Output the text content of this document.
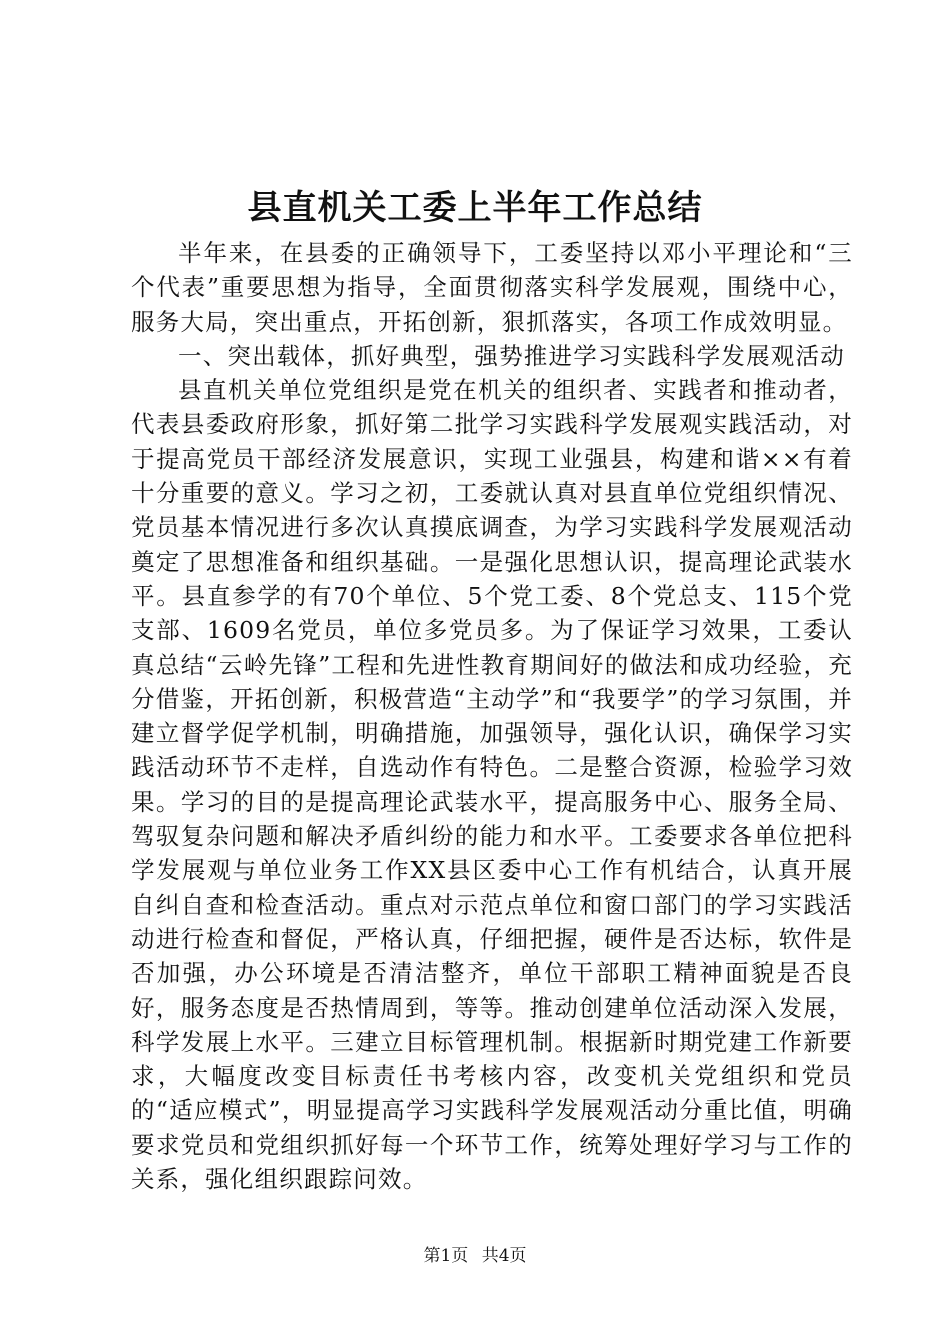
县直机关工委上半年工作总结

半年来，在县委的正确领导下，工委坚持以邓小平理论和“三个代表”重要思想为指导，全面贯彻落实科学发展观，围绕中心，服务大局，突出重点，开拓创新，狠抓落实，各项工作成效明显。

一、突出载体，抓好典型，强势推进学习实践科学发展观活动

县直机关单位党组织是党在机关的组织者、实践者和推动者，代表县委政府形象，抓好第二批学习实践科学发展观实践活动，对于提高党员干部经济发展意识，实现工业强县，构建和谐××有着十分重要的意义。学习之初，工委就认真对县直单位党组织情况、党员基本情况进行多次认真摸底调查，为学习实践科学发展观活动奠定了思想准备和组织基础。一是强化思想认识，提高理论武装水平。县直参学的有70个单位、5个党工委、8个党总支、115个党支部、1609名党员，单位多党员多。为了保证学习效果，工委认真总结“云岭先锋”工程和先进性教育期间好的做法和成功经验，充分借鉴，开拓创新，积极营造“主动学”和“我要学”的学习氛围，并建立督学促学机制，明确措施，加强领导，强化认识，确保学习实践活动环节不走样，自选动作有特色。二是整合资源，检验学习效果。学习的目的是提高理论武装水平，提高服务中心、服务全局、驾驭复杂问题和解决矛盾纠纷的能力和水平。工委要求各单位把科学发展观与单位业务工作XX县区委中心工作有机结合，认真开展自纠自查和检查活动。重点对示范点单位和窗口部门的学习实践活动进行检查和督促，严格认真，仔细把握，硬件是否达标，软件是否加强，办公环境是否清洁整齐，单位干部职工精神面貌是否良好，服务态度是否热情周到，等等。推动创建单位活动深入发展，科学发展上水平。三建立目标管理机制。根据新时期党建工作新要求，大幅度改变目标责任书考核内容，改变机关党组织和党员的“适应模式”，明显提高学习实践科学发展观活动分重比值，明确要求党员和党组织抓好每一个环节工作，统筹处理好学习与工作的关系，强化组织跟踪问效。

第1页 共4页
